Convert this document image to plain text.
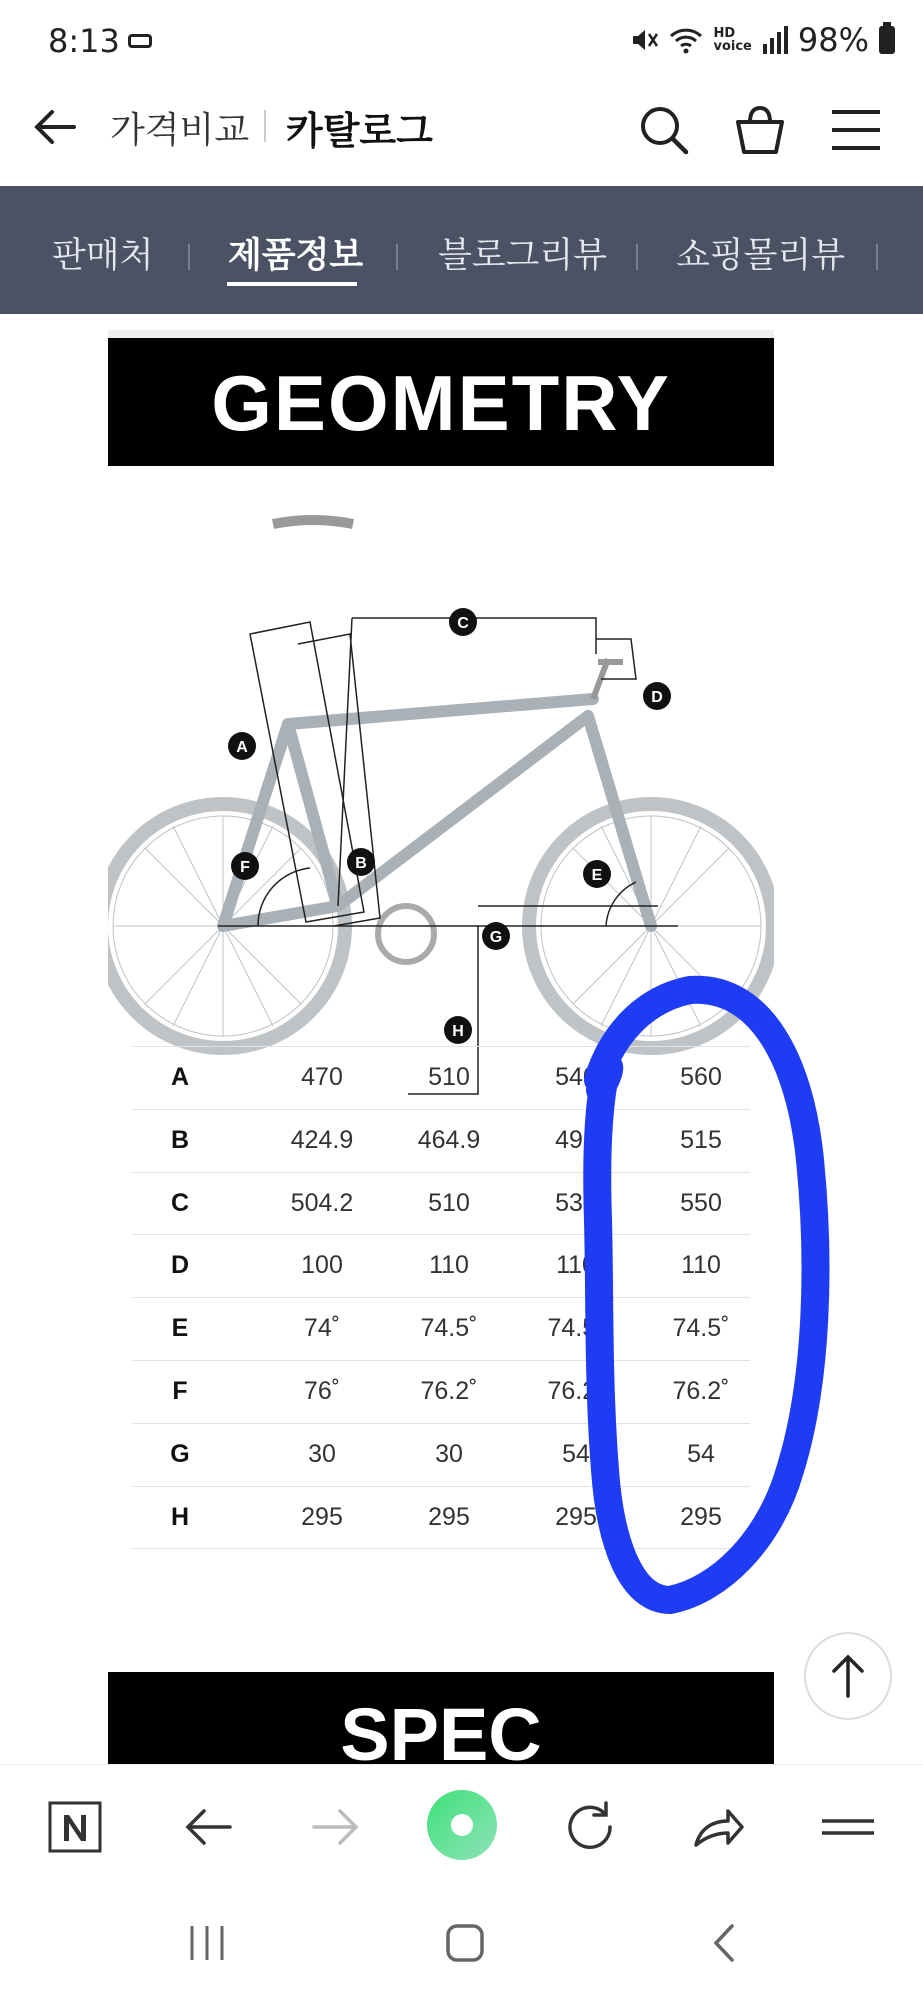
8:13	HD
voice 98%
가격비교 카탈로그
판매처 제품정보 블로그리뷰 쇼핑몰리뷰
GEOMETRY
A
B
C
D
E
F
G
H
A	470	510	540	560
B	424.9	464.9	495	515
C	504.2	510	530	550
D	100	110	110	110
E	74˚	74.5˚	74.5˚	74.5˚
F	76˚	76.2˚	76.2˚	76.2˚
G	30	30	54	54
H	295	295	295	295
SPEC
